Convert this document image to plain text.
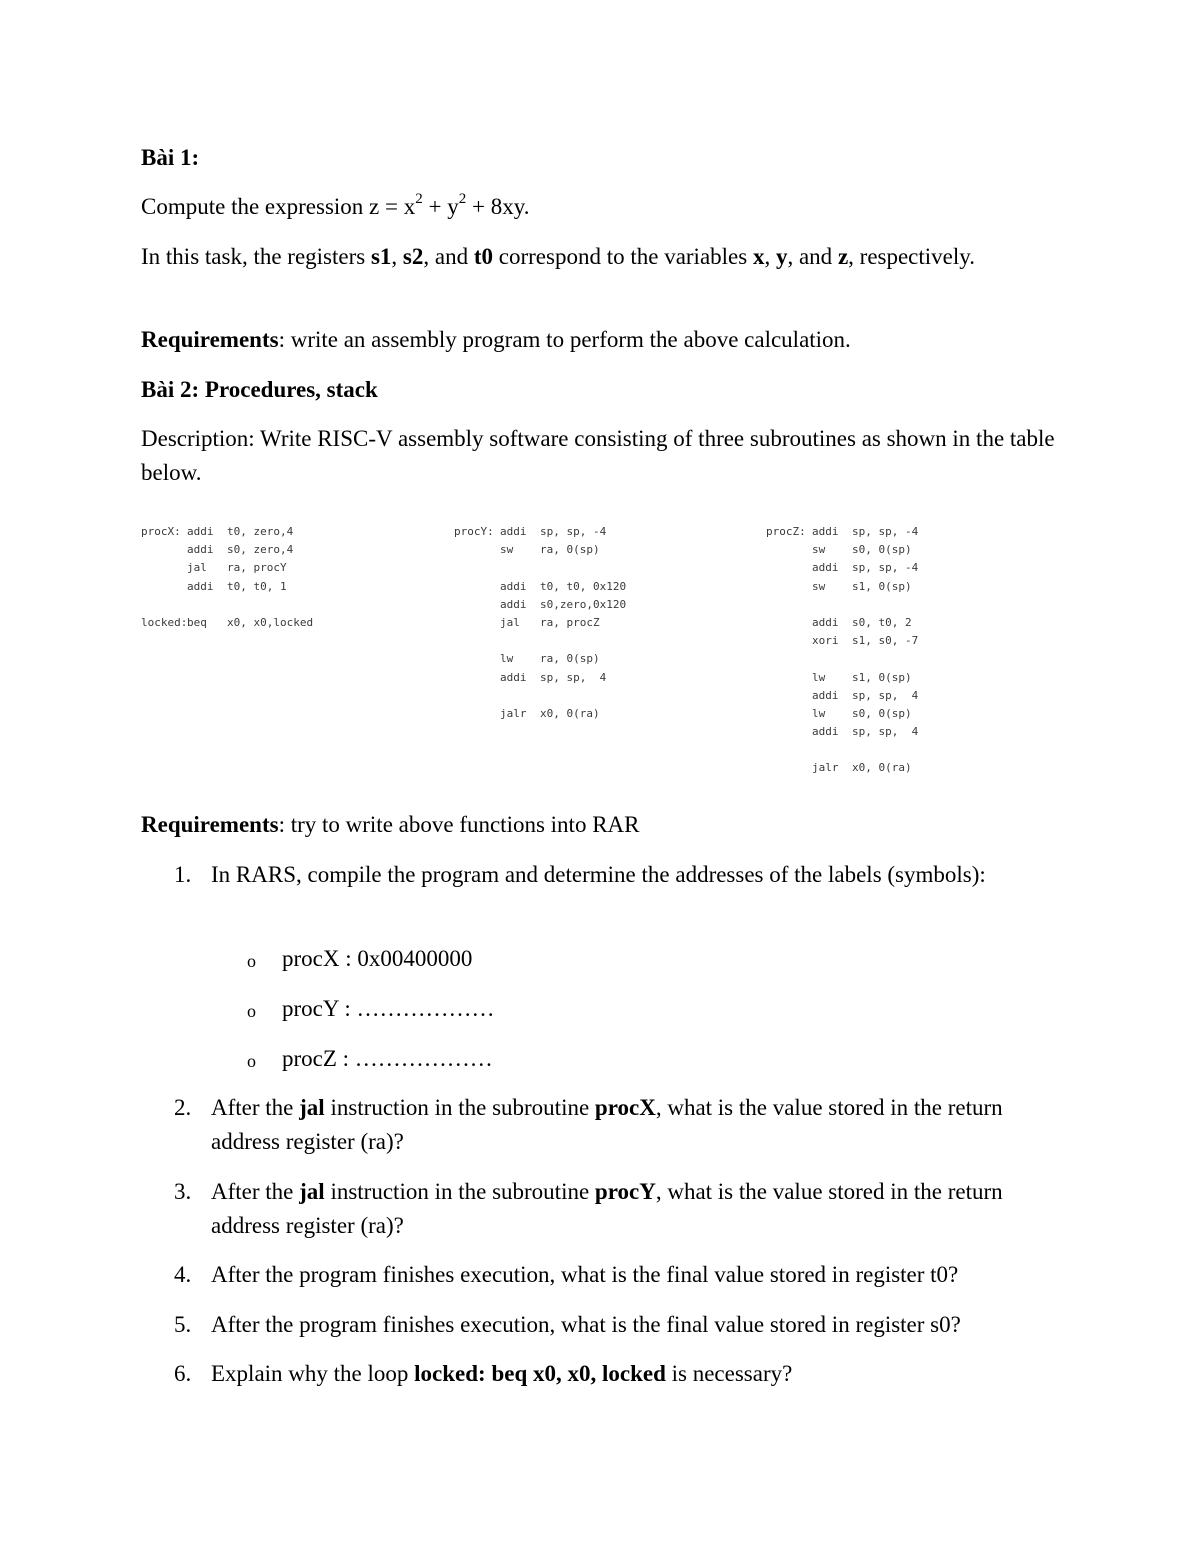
Bài 1:

Compute the expression $z = x^2 + y^2 + 8xy$.

In this task, the registers s1, s2, and t0 correspond to the variables x, y, and z, respectively.

Requirements: write an assembly program to perform the above calculation.

Bài 2: Procedures, stack

Description: Write RISC-V assembly software consisting of three subroutines as shown in the table below.

procX: addi t0, zero,4
addi s0, zero,4
jal ra, procY
addi t0, t0, 1
locked:beq x0, x0,locked
procY: addi sp, sp, -4
sw ra, 0(sp)
addi t0, t0, 0x120
addi s0,zero,0x120
jal ra, procZ
lw ra, 0(sp)
addi sp, sp,  4
jalr x0, 0(ra)
procZ: addi sp, sp, -4
sw s0, 0(sp)
addi sp, sp, -4
sw s1, 0(sp)
addi s0, t0, 2
xori s1, s0, -7
lw s1, 0(sp)
addi sp, sp,  4
lw s0, 0(sp)
addi sp, sp,  4
jalr x0, 0(ra)

Requirements: try to write above functions into RAR

1. In RARS, compile the program and determine the addresses of the labels (symbols):
o procX : 0x00400000
o procY : ………………
o procZ : ………………
2. After the jal instruction in the subroutine procX, what is the value stored in the return address register (ra)?
3. After the jal instruction in the subroutine procY, what is the value stored in the return address register (ra)?
4. After the program finishes execution, what is the final value stored in register t0?
5. After the program finishes execution, what is the final value stored in register s0?
6. Explain why the loop locked: beq x0, x0, locked is necessary?
